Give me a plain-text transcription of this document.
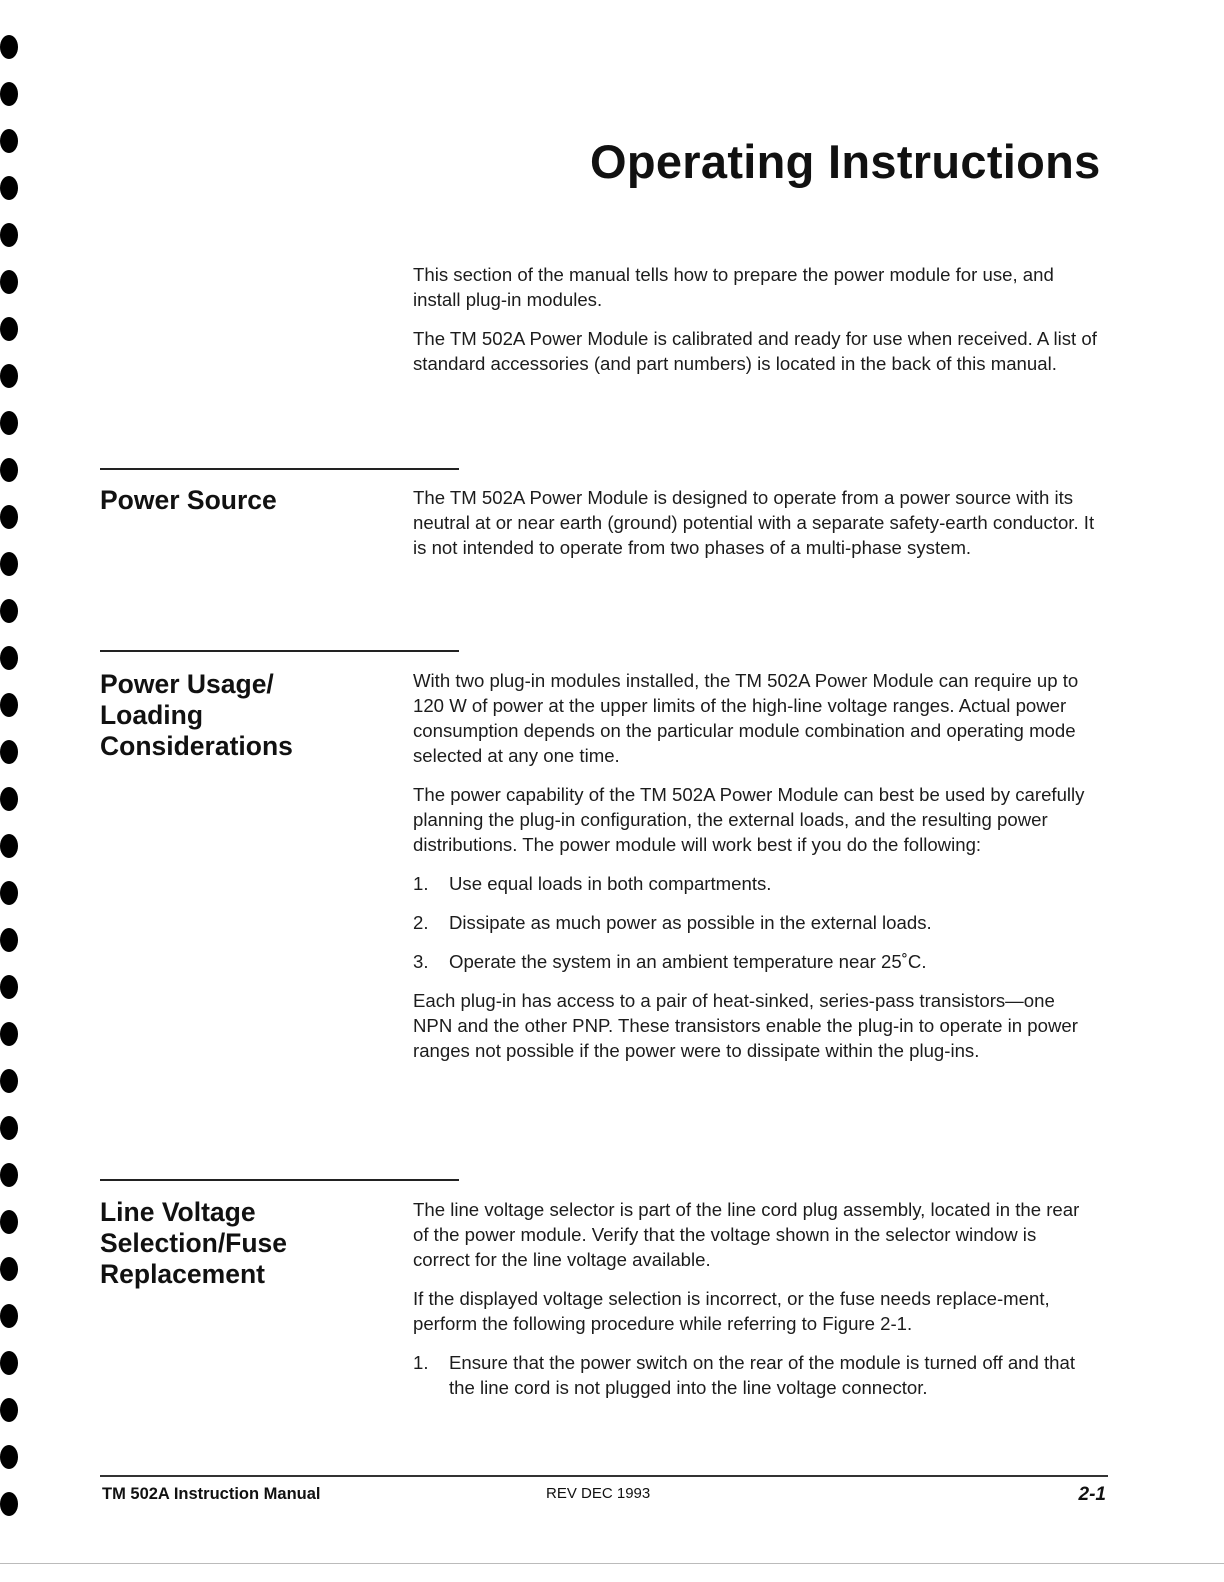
Operating Instructions

This section of the manual tells how to prepare the power module for use, and install plug-in modules.

The TM 502A Power Module is calibrated and ready for use when received. A list of standard accessories (and part numbers) is located in the back of this manual.

Power Source	The TM 502A Power Module is designed to operate from a power source with its neutral at or near earth (ground) potential with a separate safety-earth conductor. It is not intended to operate from two phases of a multi-phase system.

Power Usage/
Loading
Considerations

With two plug-in modules installed, the TM 502A Power Module can require up to 120 W of power at the upper limits of the high-line voltage ranges. Actual power consumption depends on the particular module combination and operating mode selected at any one time.

The power capability of the TM 502A Power Module can best be used by carefully planning the plug-in configuration, the external loads, and the resulting power distributions. The power module will work best if you do the following:

1.	Use equal loads in both compartments.
2.	Dissipate as much power as possible in the external loads.
3.	Operate the system in an ambient temperature near 25˚C.

Each plug-in has access to a pair of heat-sinked, series-pass transistors—one NPN and the other PNP. These transistors enable the plug-in to operate in power ranges not possible if the power were to dissipate within the plug-ins.

Line Voltage
Selection/Fuse
Replacement

The line voltage selector is part of the line cord plug assembly, located in the rear of the power module. Verify that the voltage shown in the selector window is correct for the line voltage available.

If the displayed voltage selection is incorrect, or the fuse needs replace-ment, perform the following procedure while referring to Figure 2-1.

1.	Ensure that the power switch on the rear of the module is turned off and that the line cord is not plugged into the line voltage connector.
TM 502A Instruction Manual	REV DEC 1993	2-1
